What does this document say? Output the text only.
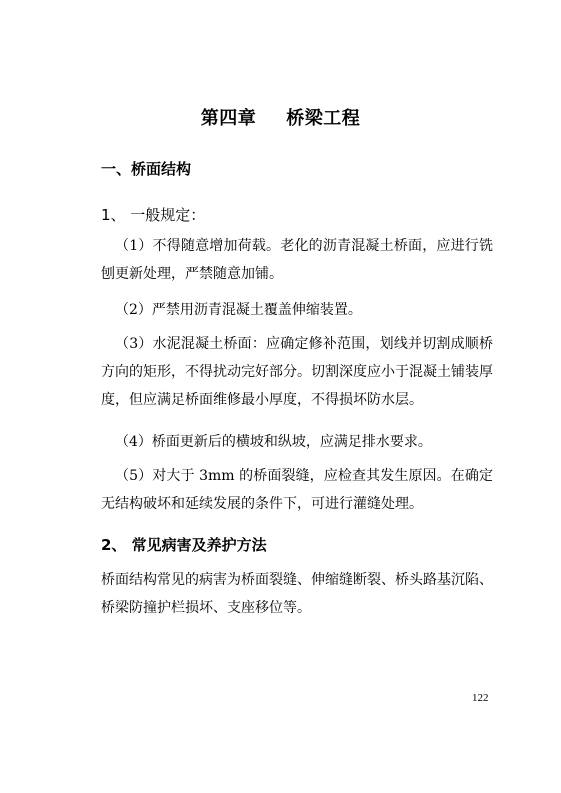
第四章 桥梁工程
一、桥面结构
1、 一般规定：
（1）不得随意增加荷载。老化的沥青混凝土桥面，应进行铣刨更新处理，严禁随意加铺。
（2）严禁用沥青混凝土覆盖伸缩装置。
（3）水泥混凝土桥面：应确定修补范围，划线并切割成顺桥方向的矩形，不得扰动完好部分。切割深度应小于混凝土铺装厚度，但应满足桥面维修最小厚度，不得损坏防水层。
（4）桥面更新后的横坡和纵坡，应满足排水要求。
（5）对大于 3mm 的桥面裂缝，应检查其发生原因。在确定无结构破坏和延续发展的条件下，可进行灌缝处理。
2、 常见病害及养护方法
桥面结构常见的病害为桥面裂缝、伸缩缝断裂、桥头路基沉陷、桥梁防撞护栏损坏、支座移位等。
122
